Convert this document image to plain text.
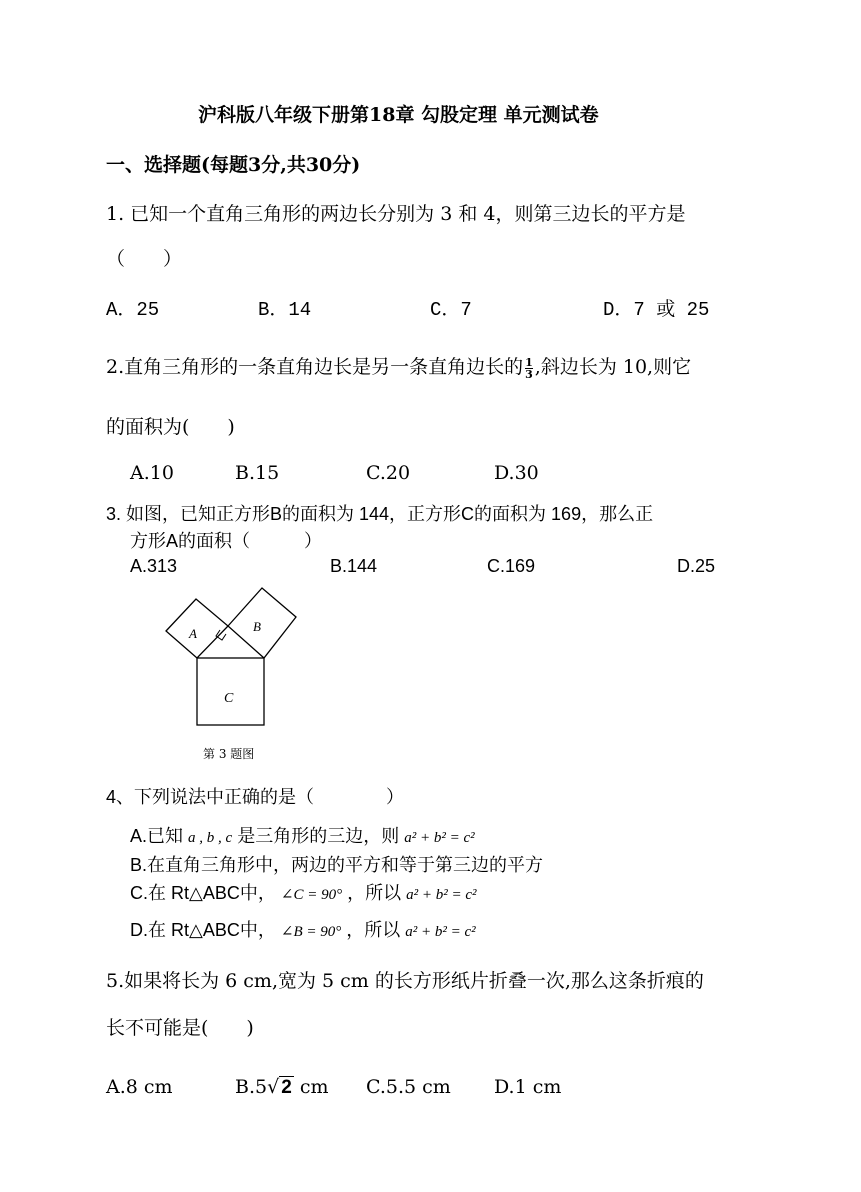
沪科版八年级下册第18章 勾股定理 单元测试卷
一、选择题(每题3分,共30分)
1. 已知一个直角三角形的两边长分别为 3 和 4，则第三边长的平方是
（　　）
A．25	B．14	C．7	D．7 或 25
2.直角三角形的一条直角边长是另一条直角边长的 $\frac{1}{3}$ ,斜边长为 10,则它
的面积为(　　)
A.10	B.15	C.20	D.30
3. 如图，已知正方形B的面积为 144，正方形C的面积为 169，那么正
方形A的面积（　　　）
A.313	B.144	C.169	D.25
A	B
C
第 3 题图
4、下列说法中正确的是（　　　　）
A.已知 a , b , c 是三角形的三边，则 a² + b² = c²
B.在直角三角形中，两边的平方和等于第三边的平方
C.在 Rt△ABC中， ∠C = 90° ，所以 a² + b² = c²
D.在 Rt△ABC中， ∠B = 90° ，所以 a² + b² = c²
5.如果将长为 6 cm,宽为 5 cm 的长方形纸片折叠一次,那么这条折痕的
长不可能是(　　)
A.8 cm	B.5√ 2 cm C.5.5 cm D.1 cm
